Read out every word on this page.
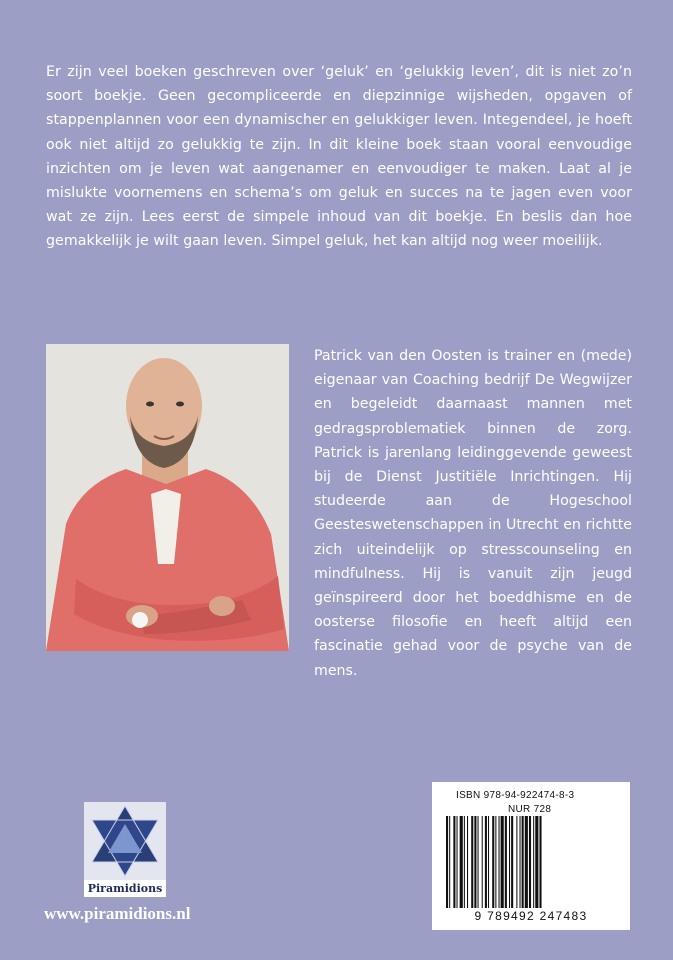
Er zijn veel boeken geschreven over ‘geluk’ en ‘gelukkig leven’, dit is niet zo’n soort boekje. Geen gecompliceerde en diepzinnige wijsheden, opgaven of stappenplannen voor een dynamischer en gelukkiger leven. Integendeel, je hoeft ook niet altijd zo gelukkig te zijn. In dit kleine boek staan vooral eenvoudige inzichten om je leven wat aangenamer en eenvoudiger te maken. Laat al je mislukte voornemens en schema’s om geluk en succes na te jagen even voor wat ze zijn. Lees eerst de simpele inhoud van dit boekje. En beslis dan hoe gemakkelijk je wilt gaan leven. Simpel geluk, het kan altijd nog weer moeilijk.
Patrick van den Oosten is trainer en (mede) eigenaar van Coaching bedrijf De Wegwijzer en begeleidt daarnaast mannen met gedragsproblematiek binnen de zorg. Patrick is jarenlang leidinggevende geweest bij de Dienst Justitiële Inrichtingen. Hij studeerde aan de Hogeschool Geesteswetenschappen in Utrecht en richtte zich uiteindelijk op stresscounseling en mindfulness. Hij is vanuit zijn jeugd geïnspireerd door het boeddhisme en de oosterse filosofie en heeft altijd een fascinatie gehad voor de psyche van de mens.
ISBN 978-94-922474-8-3
NUR 728
9 789492 247483
Piramidions
www.piramidions.nl
